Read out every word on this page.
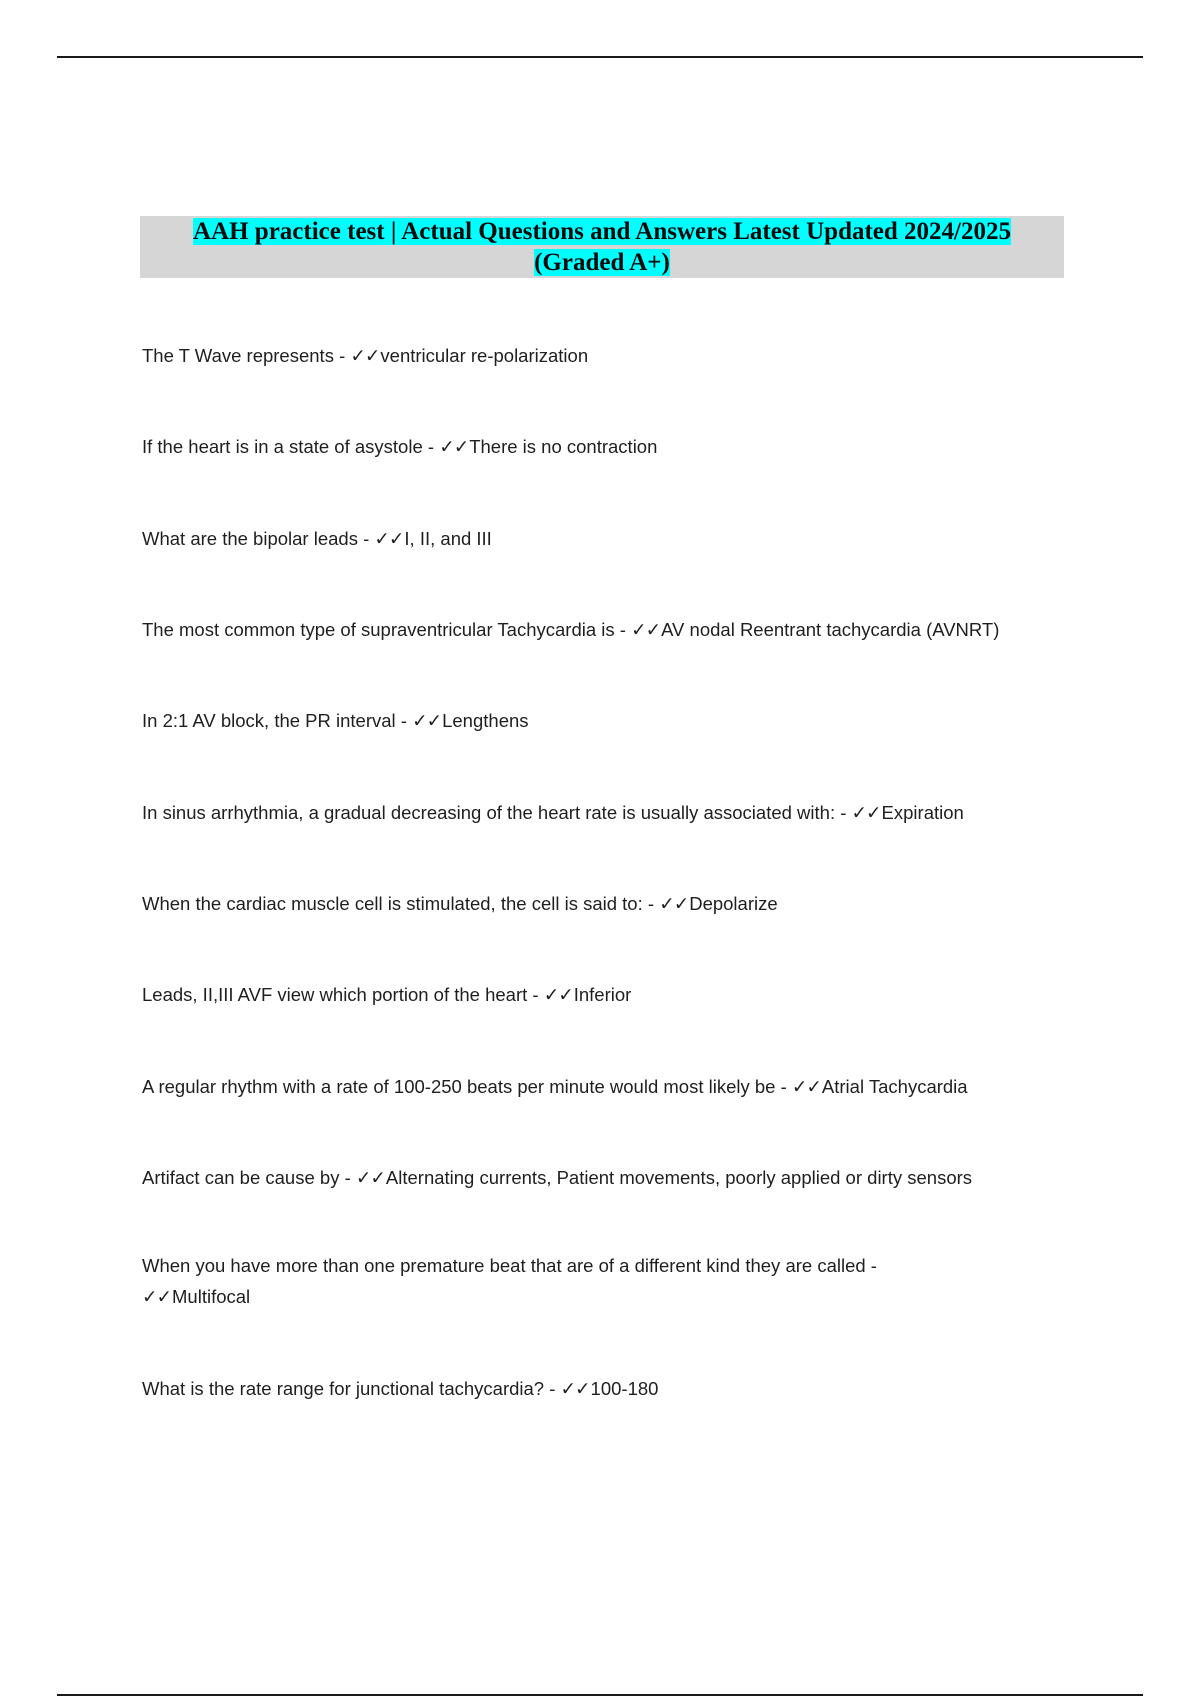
AAH practice test | Actual Questions and Answers Latest Updated 2024/2025
(Graded A+)
The T Wave represents - ✓✓ventricular re-polarization
If the heart is in a state of asystole - ✓✓There is no contraction
What are the bipolar leads - ✓✓I, II, and III
The most common type of supraventricular Tachycardia is - ✓✓AV nodal Reentrant tachycardia (AVNRT)
In 2:1 AV block, the PR interval - ✓✓Lengthens
In sinus arrhythmia, a gradual decreasing of the heart rate is usually associated with: - ✓✓Expiration
When the cardiac muscle cell is stimulated, the cell is said to: - ✓✓Depolarize
Leads, II,III AVF view which portion of the heart - ✓✓Inferior
A regular rhythm with a rate of 100-250 beats per minute would most likely be - ✓✓Atrial Tachycardia
Artifact can be cause by - ✓✓Alternating currents, Patient movements, poorly applied or dirty sensors
When you have more than one premature beat that are of a different kind they are called - ✓✓Multifocal
What is the rate range for junctional tachycardia? - ✓✓100-180
